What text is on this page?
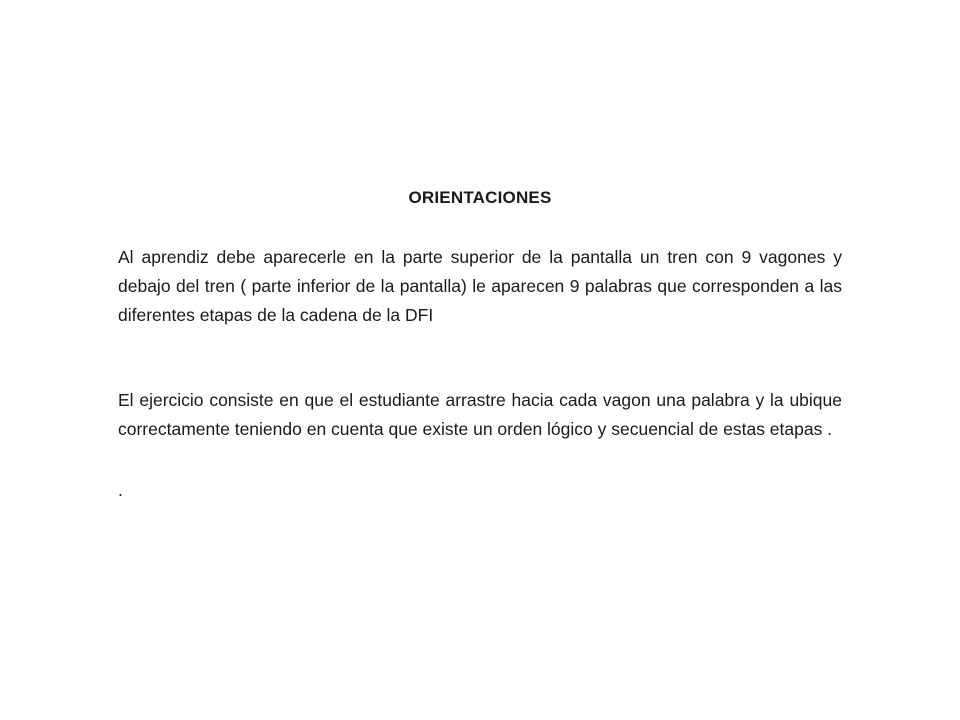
ORIENTACIONES

Al aprendiz debe aparecerle en la parte superior de la pantalla un tren con 9 vagones y debajo del tren ( parte inferior de la pantalla) le aparecen 9 palabras que corresponden a las diferentes etapas de la cadena de la DFI

El ejercicio consiste en que el estudiante arrastre hacia cada vagon una palabra y la ubique correctamente teniendo en cuenta que existe un orden lógico y secuencial de estas etapas .

.
